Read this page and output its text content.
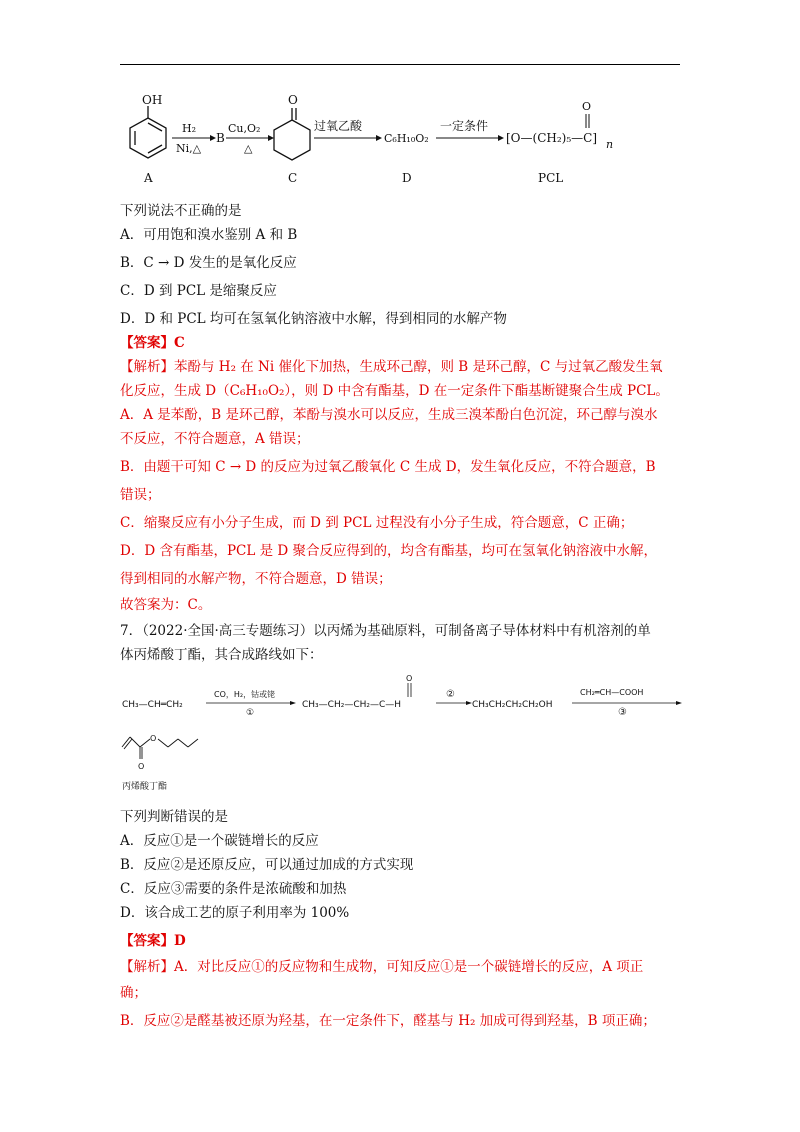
OH
A
H₂
Ni,△
B
Cu,O₂
△
O
C
过氧乙酸
C₆H₁₀O₂
D
一定条件
[O—(CH₂)₅—C]
O
n
PCL
下列说法不正确的是
A．可用饱和溴水鉴别 A 和 B
B．C → D 发生的是氧化反应
C．D 到 PCL 是缩聚反应
D．D 和 PCL 均可在氢氧化钠溶液中水解，得到相同的水解产物
【答案】C
【解析】苯酚与 H₂ 在 Ni 催化下加热，生成环己醇，则 B 是环己醇，C 与过氧乙酸发生氧
化反应，生成 D（C₆H₁₀O₂），则 D 中含有酯基，D 在一定条件下酯基断键聚合生成 PCL。
A．A 是苯酚，B 是环己醇，苯酚与溴水可以反应，生成三溴苯酚白色沉淀，环己醇与溴水
不反应，不符合题意，A 错误；
B．由题干可知 C → D 的反应为过氧乙酸氧化 C 生成 D，发生氧化反应，不符合题意，B
错误；
C．缩聚反应有小分子生成，而 D 到 PCL 过程没有小分子生成，符合题意，C 正确；
D．D 含有酯基，PCL 是 D 聚合反应得到的，均含有酯基，均可在氢氧化钠溶液中水解，
得到相同的水解产物，不符合题意，D 错误；
故答案为：C。
7．（2022·全国·高三专题练习）以丙烯为基础原料，可制备离子导体材料中有机溶剂的单
体丙烯酸丁酯，其合成路线如下：
CH₃—CH═CH₂
CO，H₂，钴或铑
①
CH₃—CH₂—CH₂—C—H
O
②
CH₃CH₂CH₂CH₂OH
CH₂═CH—COOH
③
O
O
丙烯酸丁酯
下列判断错误的是
A．反应①是一个碳链增长的反应
B．反应②是还原反应，可以通过加成的方式实现
C．反应③需要的条件是浓硫酸和加热
D．该合成工艺的原子利用率为 100%
【答案】D
【解析】A．对比反应①的反应物和生成物，可知反应①是一个碳链增长的反应，A 项正
确；
B．反应②是醛基被还原为羟基，在一定条件下，醛基与 H₂ 加成可得到羟基，B 项正确；
